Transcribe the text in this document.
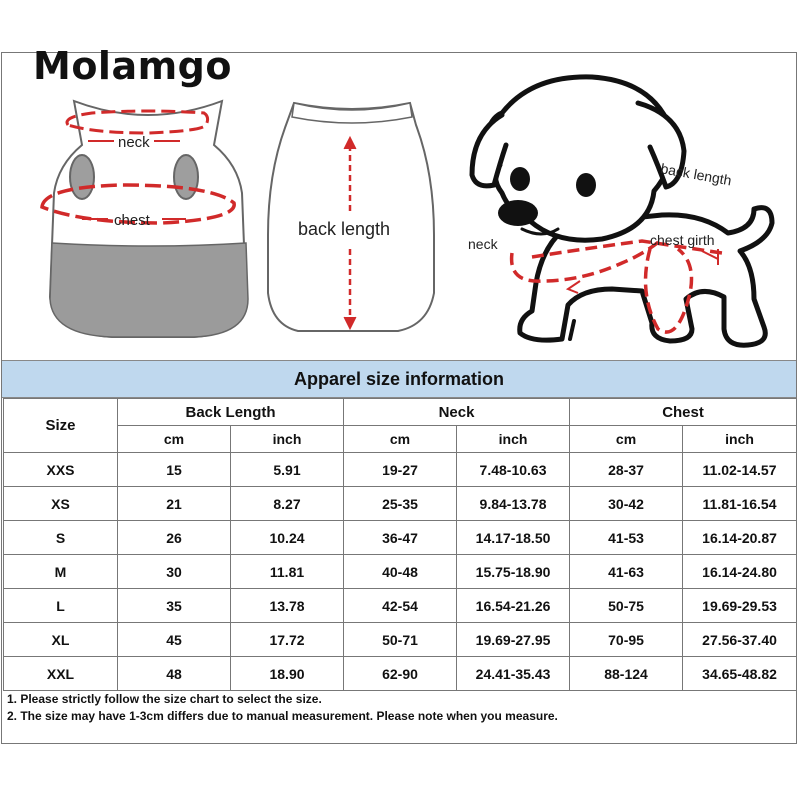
Molamgo
neck
chest	back length
back length
neck	chest girth
Apparel size information
Size	Back Length		Neck		Chest	
	cm	inch	cm	inch	cm	inch
XXS	15	5.91	19-27	7.48-10.63	28-37	11.02-14.57
XS	21	8.27	25-35	9.84-13.78	30-42	11.81-16.54
S	26	10.24	36-47	14.17-18.50	41-53	16.14-20.87
M	30	11.81	40-48	15.75-18.90	41-63	16.14-24.80
L	35	13.78	42-54	16.54-21.26	50-75	19.69-29.53
XL	45	17.72	50-71	19.69-27.95	70-95	27.56-37.40
XXL	48	18.90	62-90	24.41-35.43	88-124	34.65-48.82
1. Please strictly follow the size chart to select the size.
2. The size may have 1-3cm differs due to manual measurement. Please note when you measure.
